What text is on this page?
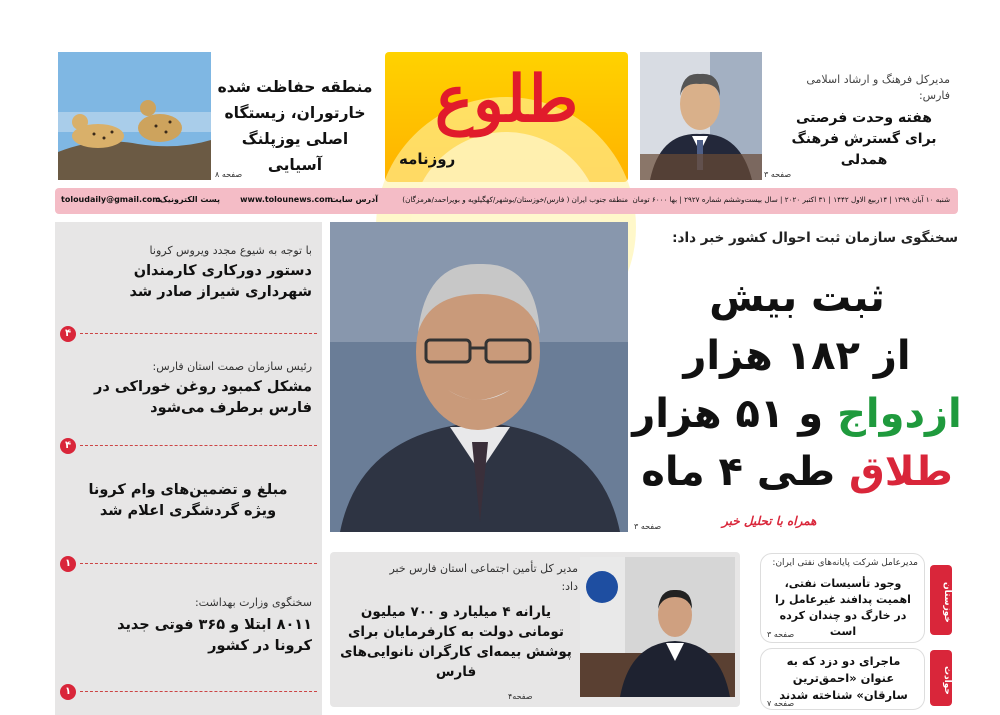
مدیرکل فرهنگ و ارشاد اسلامی فارس:
هفته وحدت فرصتی برای گسترش فرهنگ همدلی
صفحه ۳
طلوع
روزنامه
منطقه حفاظت شده خارتوران، زیستگاه اصلی یوزپلنگ آسیایی
صفحه ۸
شنبه ۱۰ آبان ۱۳۹۹ | ۱۴ربیع الاول ۱۴۴۲ | ۳۱ اکتبر ۲۰۲۰ | سال بیست‌وششم شماره ۲۹۲۷ | بها ۶۰۰۰ تومان
منطقه جنوب ایران ( فارس/خوزستان/بوشهر/کهگیلویه و بویراحمد/هرمزگان)
آدرس سایت:
www.tolounews.com
پست الکترونیک:
toloudaily@gmail.com
با توجه به شیوع مجدد ویروس کرونا
دستور دورکاری کارمندان شهرداری شیراز صادر شد
۴
رئیس سازمان صمت استان فارس:
مشکل کمبود روغن خوراکی در فارس برطرف می‌شود
۴
مبلغ و تضمین‌های وام کرونا ویژه گردشگری اعلام شد
۱
سخنگوی وزارت بهداشت:
۸۰۱۱ ابتلا و ۳۶۵ فوتی جدید کرونا در کشور
۱
صفحه ۳
سخنگوی سازمان ثبت احوال کشور خبر داد:
ثبت بیش
از ۱۸۲ هزار
ازدواج و ۵۱ هزار
طلاق طی ۴ ماه
همراه با تحلیل خبر
مدیر کل تأمین اجتماعی استان فارس خبر داد:
یارانه ۴ میلیارد و ۷۰۰ میلیون تومانی دولت به کارفرمایان برای پوشش بیمه‌ای کارگران نانوایی‌های فارس
صفحه۴
مدیرعامل شرکت پایانه‌های نفتی ایران:
وجود تأسیسات نفتی، اهمیت پدافند غیرعامل را در خارگ دو چندان کرده است
صفحه ۳
خوزستان
ماجرای دو دزد که به عنوان «احمق‌ترین سارقان» شناخته شدند
صفحه ۷
حوادث
